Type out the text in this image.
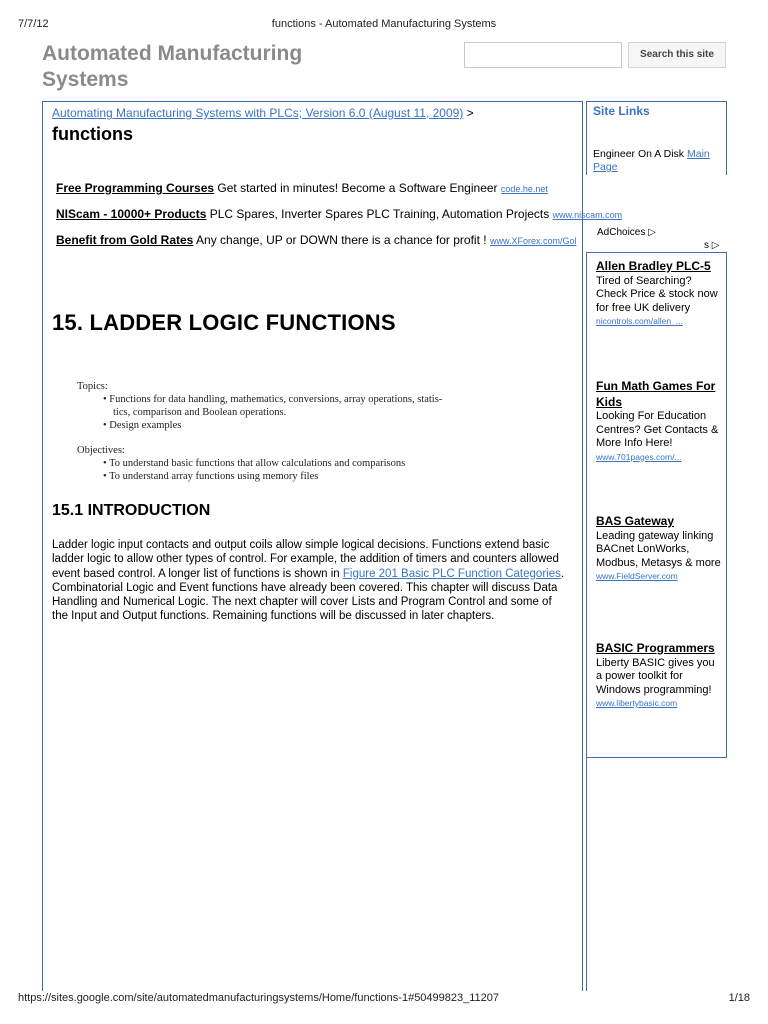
7/7/12	functions - Automated Manufacturing Systems
Automated Manufacturing Systems
Search this site
Automating Manufacturing Systems with PLCs; Version 6.0 (August 11, 2009) >
functions
Free Programming Courses Get started in minutes! Become a Software Engineer code.he.net
NIScam - 10000+ Products PLC Spares, Inverter Spares PLC Training, Automation Projects www.niscam.com
Benefit from Gold Rates Any change, UP or DOWN there is a chance for profit ! www.XForex.com/Gol
AdChoices ▷
s ▷
15. LADDER LOGIC FUNCTIONS
Topics:
• Functions for data handling, mathematics, conversions, array operations, statis-
tics, comparison and Boolean operations.
• Design examples
Objectives:
• To understand basic functions that allow calculations and comparisons
• To understand array functions using memory files
15.1 INTRODUCTION
Ladder logic input contacts and output coils allow simple logical decisions. Functions extend basic ladder logic to allow other types of control. For example, the addition of timers and counters allowed event based control. A longer list of functions is shown in Figure 201 Basic PLC Function Categories. Combinatorial Logic and Event functions have already been covered. This chapter will discuss Data Handling and Numerical Logic. The next chapter will cover Lists and Program Control and some of the Input and Output functions. Remaining functions will be discussed in later chapters.
Site Links
Engineer On A Disk Main Page
Allen Bradley PLC-5
Tired of Searching? Check Price & stock now for free UK delivery
nicontrols.com/allen_...
Fun Math Games For Kids
Looking For Education Centres? Get Contacts & More Info Here!
www.701pages.com/...
BAS Gateway
Leading gateway linking BACnet LonWorks, Modbus, Metasys & more
www.FieldServer.com
BASIC Programmers
Liberty BASIC gives you a power toolkit for Windows programming!
www.libertybasic.com
https://sites.google.com/site/automatedmanufacturingsystems/Home/functions-1#50499823_11207	1/18
